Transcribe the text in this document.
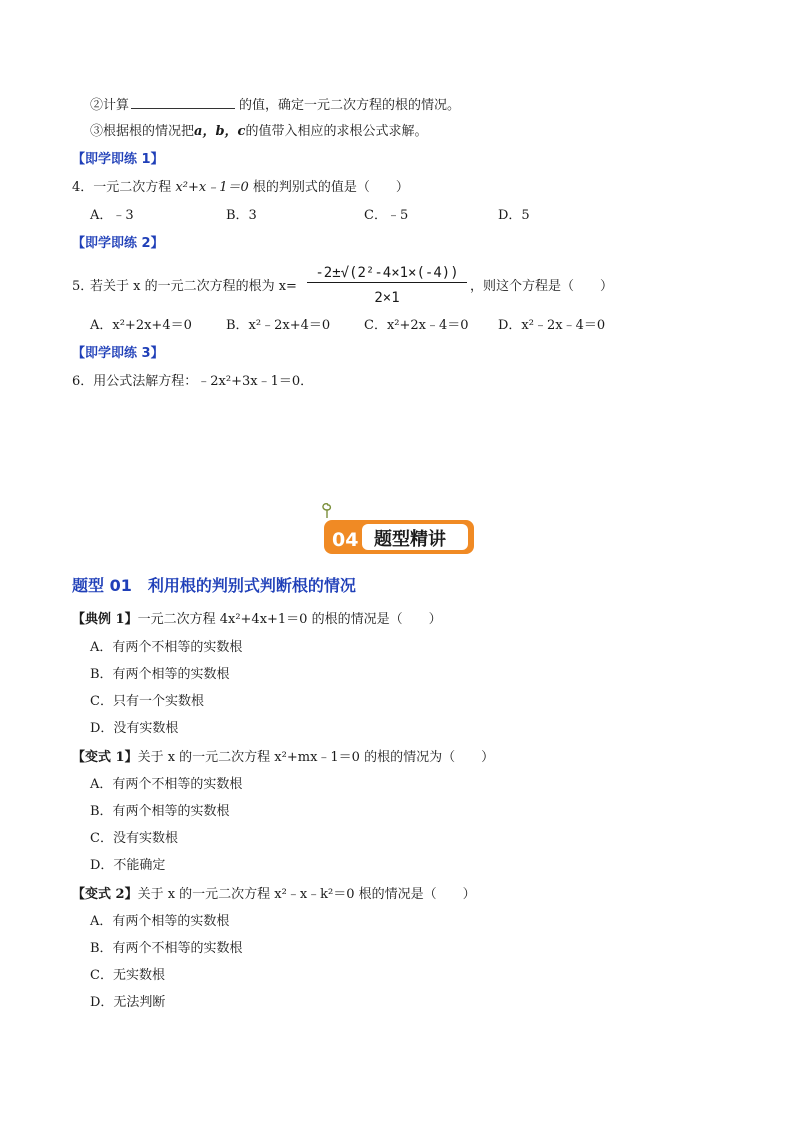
②计算	的值，确定一元二次方程的根的情况。
③根据根的情况把a，b，c的值带入相应的求根公式求解。
【即学即练 1】
4．一元二次方程 x²+x﹣1＝0 根的判别式的值是（　　）
A．﹣3	B．3	C．﹣5	D．5
【即学即练 2】
5．
若关于 x 的一元二次方程的根为 x=
-2±√(2²-4×1×(-4))
2×1
，则这个方程是（　　）
A．x²+2x+4＝0	B．x²﹣2x+4＝0	C．x²+2x﹣4＝0 D．x²﹣2x﹣4＝0
【即学即练 3】
6．用公式法解方程：﹣2x²+3x﹣1＝0．
04 题型精讲
题型 01　利用根的判别式判断根的情况
【典例 1】一元二次方程 4x²+4x+1＝0 的根的情况是（　　）
A．有两个不相等的实数根
B．有两个相等的实数根
C．只有一个实数根
D．没有实数根
【变式 1】关于 x 的一元二次方程 x²+mx﹣1＝0 的根的情况为（　　）
A．有两个不相等的实数根
B．有两个相等的实数根
C．没有实数根
D．不能确定
【变式 2】关于 x 的一元二次方程 x²﹣x﹣k²＝0 根的情况是（　　）
A．有两个相等的实数根
B．有两个不相等的实数根
C．无实数根
D．无法判断
